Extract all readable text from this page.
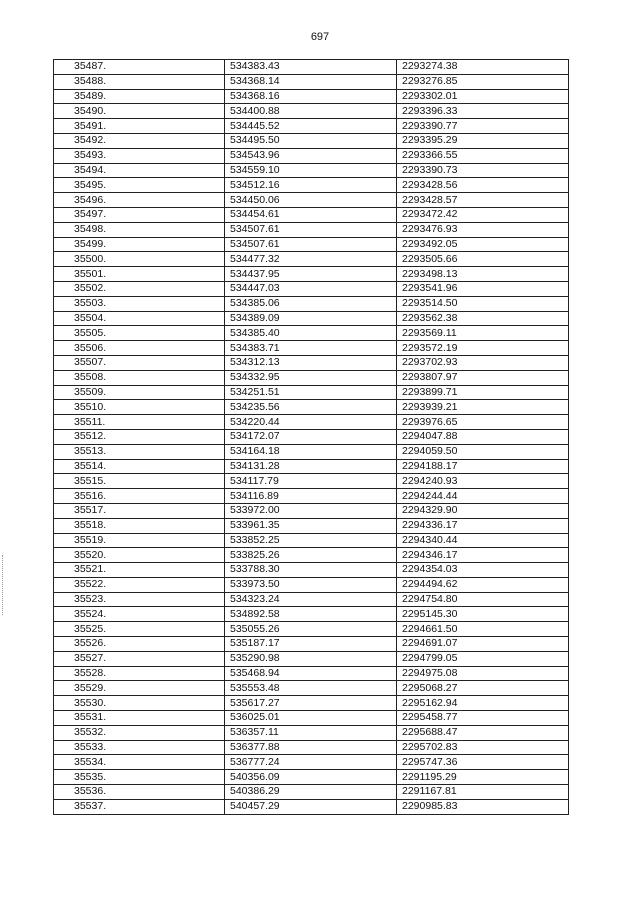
697
35487.	534383.43	2293274.38
35488.	534368.14	2293276.85
35489.	534368.16	2293302.01
35490.	534400.88	2293396.33
35491.	534445.52	2293390.77
35492.	534495.50	2293395.29
35493.	534543.96	2293366.55
35494.	534559.10	2293390.73
35495.	534512.16	2293428.56
35496.	534450.06	2293428.57
35497.	534454.61	2293472.42
35498.	534507.61	2293476.93
35499.	534507.61	2293492.05
35500.	534477.32	2293505.66
35501.	534437.95	2293498.13
35502.	534447.03	2293541.96
35503.	534385.06	2293514.50
35504.	534389.09	2293562.38
35505.	534385.40	2293569.11
35506.	534383.71	2293572.19
35507.	534312.13	2293702.93
35508.	534332.95	2293807.97
35509.	534251.51	2293899.71
35510.	534235.56	2293939.21
35511.	534220.44	2293976.65
35512.	534172.07	2294047.88
35513.	534164.18	2294059.50
35514.	534131.28	2294188.17
35515.	534117.79	2294240.93
35516.	534116.89	2294244.44
35517.	533972.00	2294329.90
35518.	533961.35	2294336.17
35519.	533852.25	2294340.44
35520.	533825.26	2294346.17
35521.	533788.30	2294354.03
35522.	533973.50	2294494.62
35523.	534323.24	2294754.80
35524.	534892.58	2295145.30
35525.	535055.26	2294661.50
35526.	535187.17	2294691.07
35527.	535290.98	2294799.05
35528.	535468.94	2294975.08
35529.	535553.48	2295068.27
35530.	535617.27	2295162.94
35531.	536025.01	2295458.77
35532.	536357.11	2295688.47
35533.	536377.88	2295702.83
35534.	536777.24	2295747.36
35535.	540356.09	2291195.29
35536.	540386.29	2291167.81
35537.	540457.29	2290985.83
